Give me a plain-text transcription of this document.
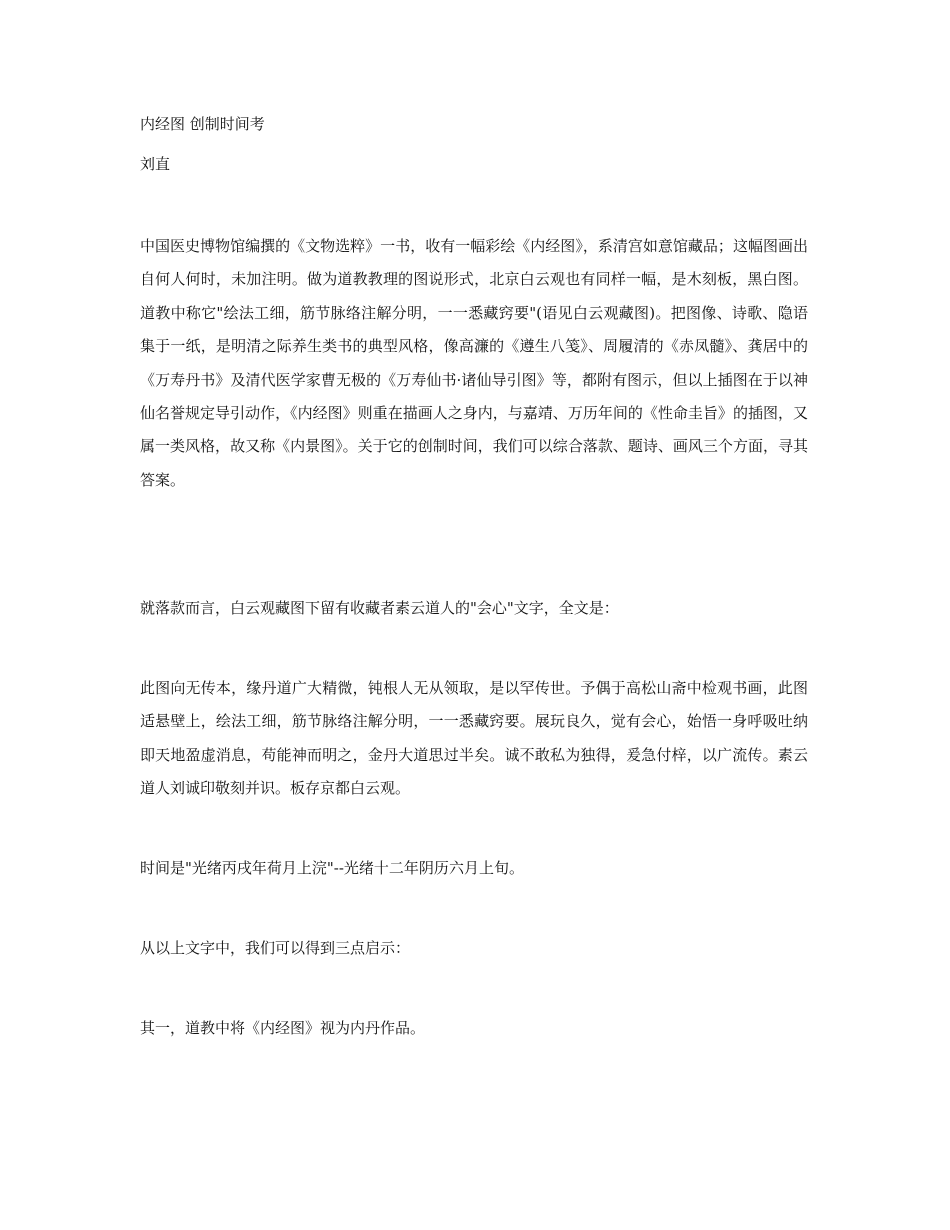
内经图 创制时间考

刘直

中国医史博物馆编撰的《文物选粹》一书，收有一幅彩绘《内经图》，系清宫如意馆藏品；这幅图画出自何人何时，未加注明。做为道教教理的图说形式，北京白云观也有同样一幅，是木刻板，黑白图。道教中称它"绘法工细，筋节脉络注解分明，一一悉藏窍要"(语见白云观藏图)。把图像、诗歌、隐语集于一纸，是明清之际养生类书的典型风格，像高濂的《遵生八笺》、周履清的《赤凤髓》、龚居中的《万寿丹书》及清代医学家曹无极的《万寿仙书·诸仙导引图》等，都附有图示，但以上插图在于以神仙名誉规定导引动作，《内经图》则重在描画人之身内，与嘉靖、万历年间的《性命圭旨》的插图，又属一类风格，故又称《内景图》。关于它的创制时间，我们可以综合落款、题诗、画风三个方面，寻其答案。

就落款而言，白云观藏图下留有收藏者素云道人的"会心"文字，全文是：

此图向无传本，缘丹道广大精微，钝根人无从领取，是以罕传世。予偶于高松山斋中检观书画，此图适悬壁上，绘法工细，筋节脉络注解分明，一一悉藏窍要。展玩良久，觉有会心，始悟一身呼吸吐纳即天地盈虚消息，苟能神而明之，金丹大道思过半矣。诚不敢私为独得，爰急付梓，以广流传。素云道人刘诚印敬刻并识。板存京都白云观。

时间是"光绪丙戌年荷月上浣"--光绪十二年阴历六月上旬。

从以上文字中，我们可以得到三点启示：

其一，道教中将《内经图》视为内丹作品。
